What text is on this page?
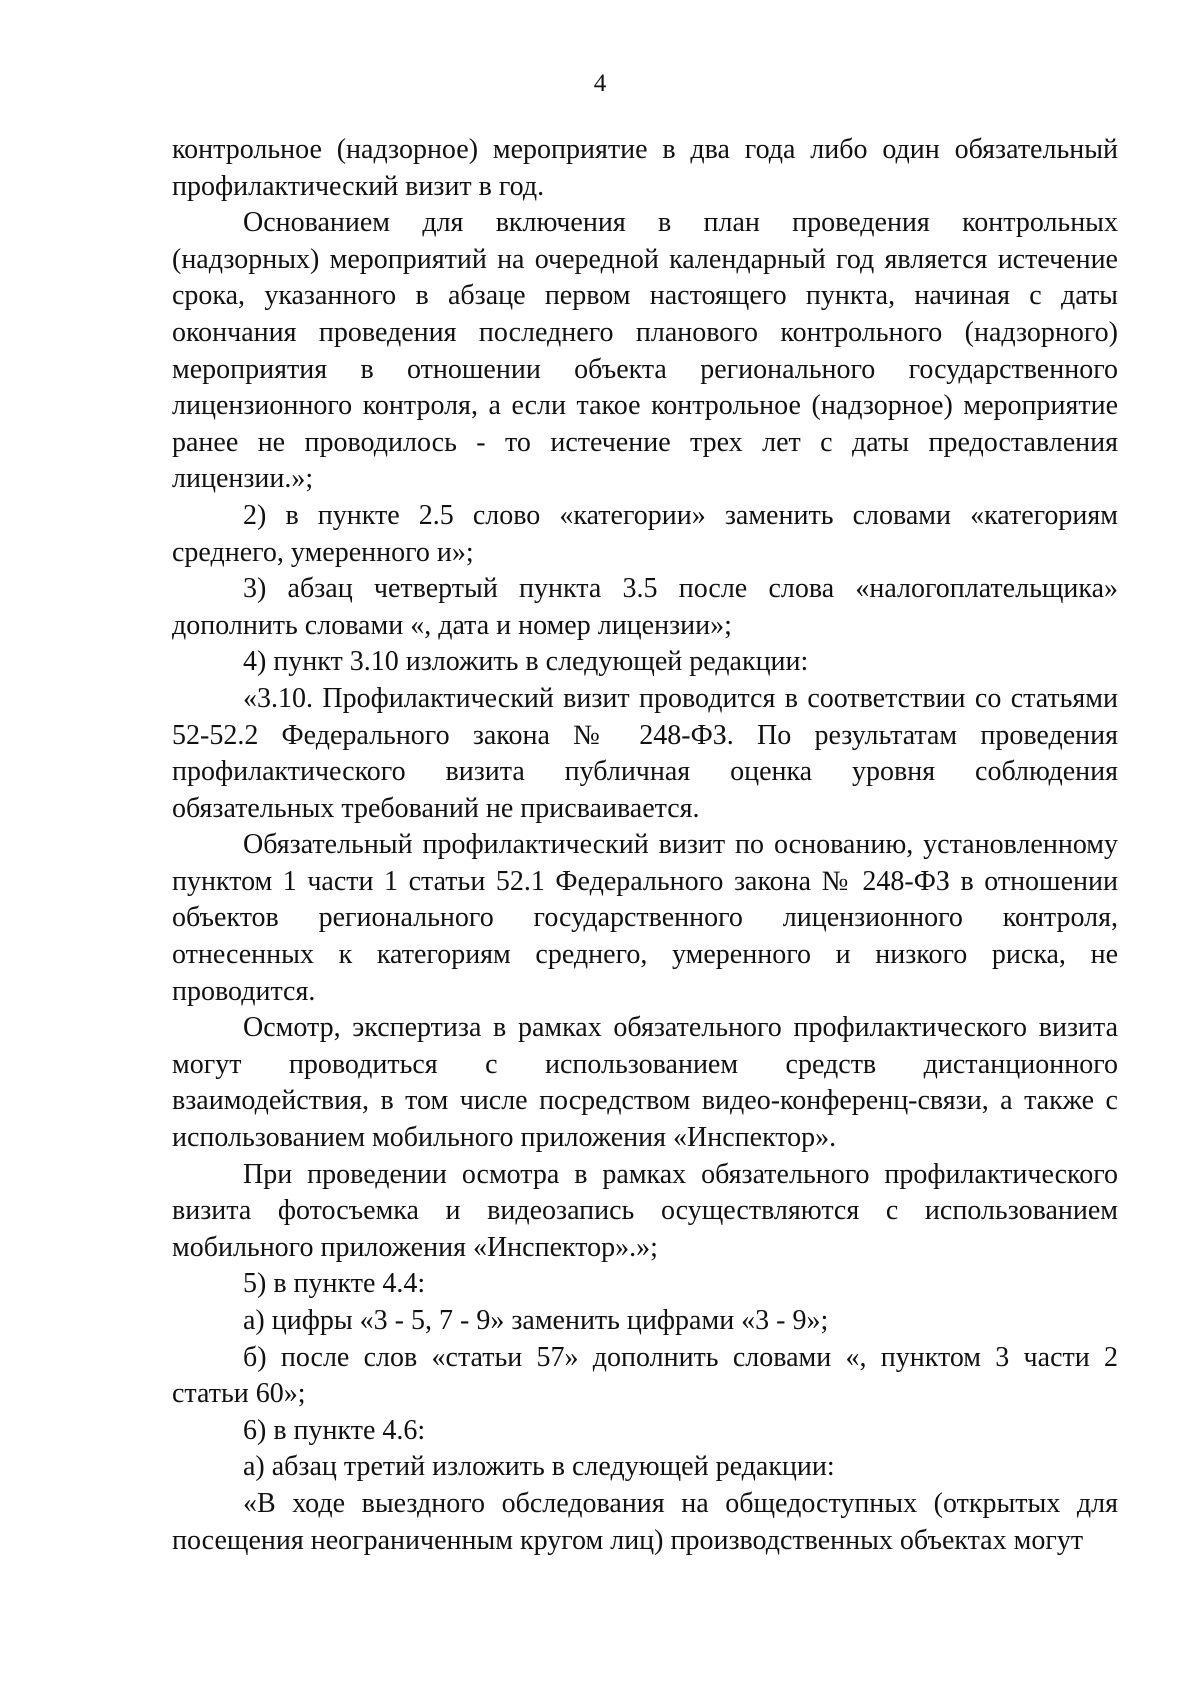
4

контрольное (надзорное) мероприятие в два года либо один обязательный профилактический визит в год.

Основанием для включения в план проведения контрольных (надзорных) мероприятий на очередной календарный год является истечение срока, указанного в абзаце первом настоящего пункта, начиная с даты окончания проведения последнего планового контрольного (надзорного) мероприятия в отношении объекта регионального государственного лицензионного контроля, а если такое контрольное (надзорное) мероприятие ранее не проводилось - то истечение трех лет с даты предоставления лицензии.»;

2) в пункте 2.5 слово «категории» заменить словами «категориям среднего, умеренного и»;

3) абзац четвертый пункта 3.5 после слова «налогоплательщика» дополнить словами «, дата и номер лицензии»;

4) пункт 3.10 изложить в следующей редакции:

«3.10. Профилактический визит проводится в соответствии со статьями 52-52.2 Федерального закона № 248-ФЗ. По результатам проведения профилактического визита публичная оценка уровня соблюдения обязательных требований не присваивается.

Обязательный профилактический визит по основанию, установленному пунктом 1 части 1 статьи 52.1 Федерального закона № 248-ФЗ в отношении объектов регионального государственного лицензионного контроля, отнесенных к категориям среднего, умеренного и низкого риска, не проводится.

Осмотр, экспертиза в рамках обязательного профилактического визита могут проводиться с использованием средств дистанционного взаимодействия, в том числе посредством видео-конференц-связи, а также с использованием мобильного приложения «Инспектор».

При проведении осмотра в рамках обязательного профилактического визита фотосъемка и видеозапись осуществляются с использованием мобильного приложения «Инспектор».»;

5) в пункте 4.4:

а) цифры «3 - 5, 7 - 9» заменить цифрами «3 - 9»;

б) после слов «статьи 57» дополнить словами «, пунктом 3 части 2 статьи 60»;

6) в пункте 4.6:

а) абзац третий изложить в следующей редакции:

«В ходе выездного обследования на общедоступных (открытых для посещения неограниченным кругом лиц) производственных объектах могут
